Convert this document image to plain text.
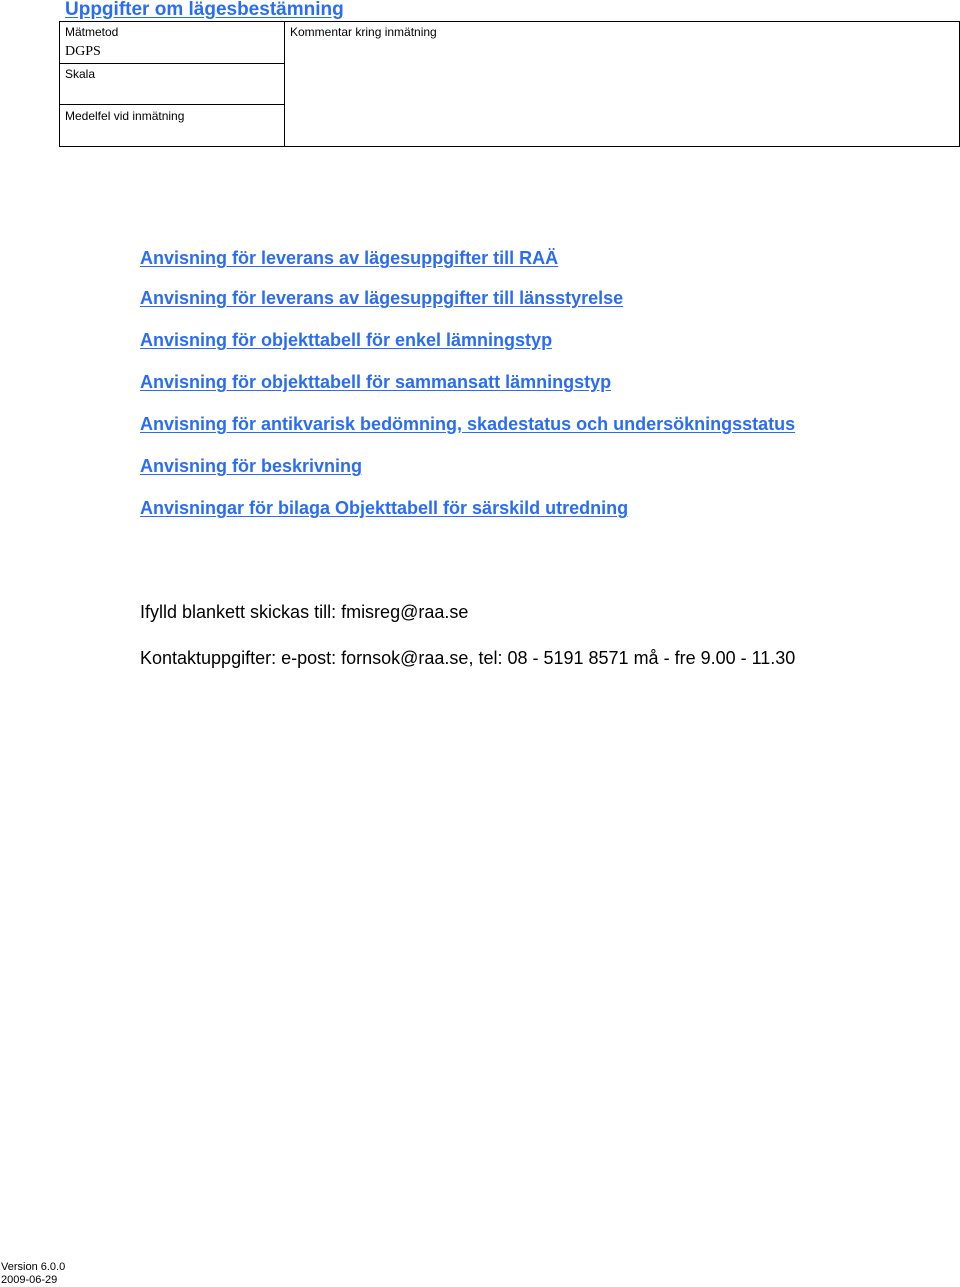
Uppgifter om lägesbestämning
Mätmetod
DGPS
Skala
Medelfel vid inmätning
Kommentar kring inmätning
Anvisning för leverans av lägesuppgifter till RAÄ
Anvisning för leverans av lägesuppgifter till länsstyrelse
Anvisning för objekttabell för enkel lämningstyp
Anvisning för objekttabell för sammansatt lämningstyp
Anvisning för antikvarisk bedömning, skadestatus och undersökningsstatus
Anvisning för beskrivning
Anvisningar för bilaga Objekttabell för särskild utredning
Ifylld blankett skickas till: fmisreg@raa.se
Kontaktuppgifter: e-post: fornsok@raa.se, tel: 08 - 5191 8571 må - fre 9.00 - 11.30
Version 6.0.0
2009-06-29
